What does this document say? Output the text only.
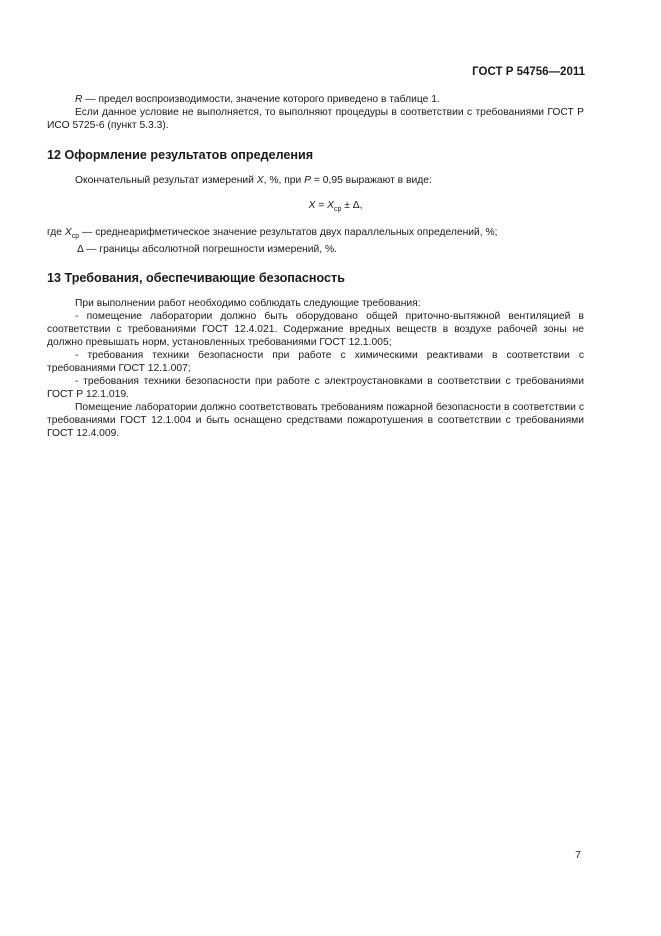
ГОСТ Р 54756—2011

R — предел воспроизводимости, значение которого приведено в таблице 1.

Если данное условие не выполняется, то выполняют процедуры в соответствии с требованиями ГОСТ Р ИСО 5725-6 (пункт 5.3.3).

12 Оформление результатов определения

Окончательный результат измерений X, %, при P = 0,95 выражают в виде:

$X = X_{ср} \pm \Delta$,

где $X_{ср}$ — среднеарифметическое значение результатов двух параллельных определений, %;
Δ — границы абсолютной погрешности измерений, %.

13 Требования, обеспечивающие безопасность

При выполнении работ необходимо соблюдать следующие требования:

- помещение лаборатории должно быть оборудовано общей приточно-вытяжной вентиляцией в соответствии с требованиями ГОСТ 12.4.021. Содержание вредных веществ в воздухе рабочей зоны не должно превышать норм, установленных требованиями ГОСТ 12.1.005;

- требования техники безопасности при работе с химическими реактивами в соответствии с требованиями ГОСТ 12.1.007;

- требования техники безопасности при работе с электроустановками в соответствии с требованиями ГОСТ Р 12.1.019.

Помещение лаборатории должно соответствовать требованиям пожарной безопасности в соответствии с требованиями ГОСТ 12.1.004 и быть оснащено средствами пожаротушения в соответствии с требованиями ГОСТ 12.4.009.

7
